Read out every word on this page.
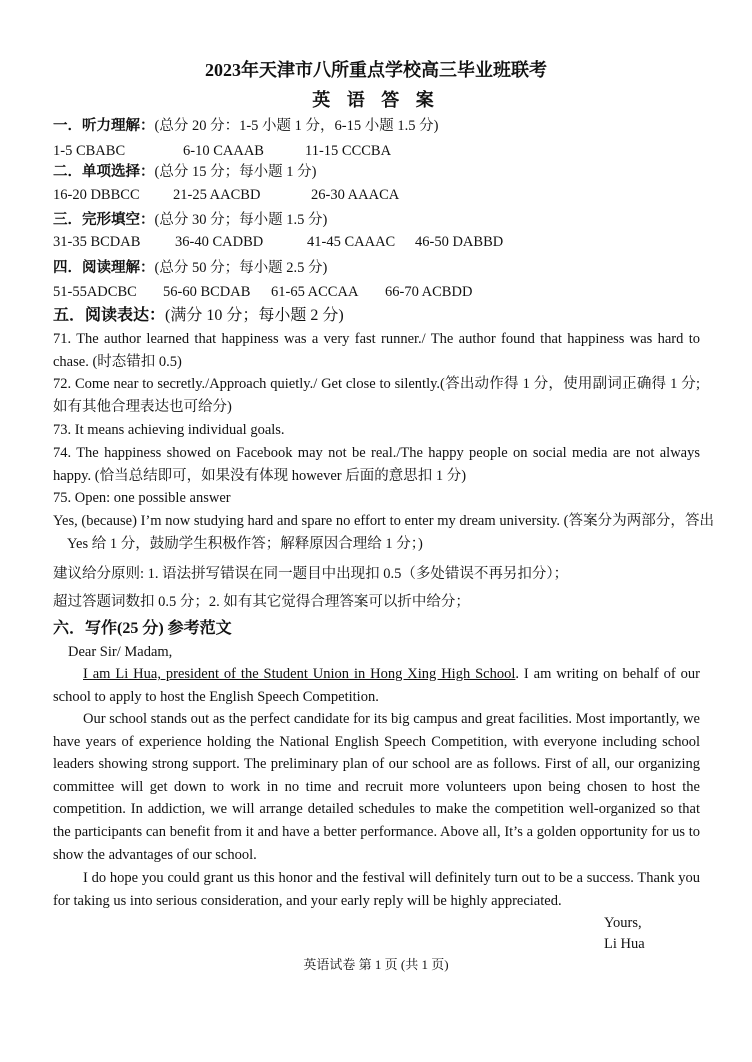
2023年天津市八所重点学校高三毕业班联考
英 语 答 案
一．听力理解：(总分 20 分：1-5 小题 1 分，6-15 小题 1.5 分)
1-5 CBABC	6-10 CAAAB	11-15 CCCBA
二．单项选择：(总分 15 分；每小题 1 分)
16-20 DBBCC 21-25 AACBD	26-30 AAACA
三．完形填空：(总分 30 分；每小题 1.5 分)
31-35 BCDAB 36-40 CADBD	41-45 CAAAC 46-50 DABBD
四．阅读理解：(总分 50 分；每小题 2.5 分)
51-55ADCBC 56-60 BCDAB 61-65 ACCAA 66-70 ACBDD
五．阅读表达：(满分 10 分；每小题 2 分)
71. The author learned that happiness was a very fast runner./ The author found that happiness was hard to chase. (时态错扣 0.5)
72. Come near to secretly./Approach quietly./ Get close to silently.(答出动作得 1 分，使用副词正确得 1 分;如有其他合理表达也可给分)
73. It means achieving individual goals.
74. The happiness showed on Facebook may not be real./The happy people on social media are not always happy. (恰当总结即可，如果没有体现 however 后面的意思扣 1 分)
75. Open: one possible answer
Yes, (because) I’m now studying hard and spare no effort to enter my dream university. (答案分为两部分，答出 Yes 给 1 分，鼓励学生积极作答；解释原因合理给 1 分；)
建议给分原则: 1. 语法拼写错误在同一题目中出现扣 0.5（多处错误不再另扣分）；
超过答题词数扣 0.5 分；2. 如有其它觉得合理答案可以折中给分；
六．写作(25 分) 参考范文
Dear Sir/ Madam,
I am Li Hua, president of the Student Union in Hong Xing High School. I am writing on behalf of our school to apply to host the English Speech Competition.
Our school stands out as the perfect candidate for its big campus and great facilities. Most importantly, we have years of experience holding the National English Speech Competition, with everyone including school leaders showing strong support. The preliminary plan of our school are as follows. First of all, our organizing committee will get down to work in no time and recruit more volunteers upon being chosen to host the competition. In addiction, we will arrange detailed schedules to make the competition well-organized so that the participants can benefit from it and have a better performance. Above all, It’s a golden opportunity for us to show the advantages of our school.
I do hope you could grant us this honor and the festival will definitely turn out to be a success. Thank you for taking us into serious consideration, and your early reply will be highly appreciated.
Yours,
Li Hua
英语试卷 第 1 页 (共 1 页)
